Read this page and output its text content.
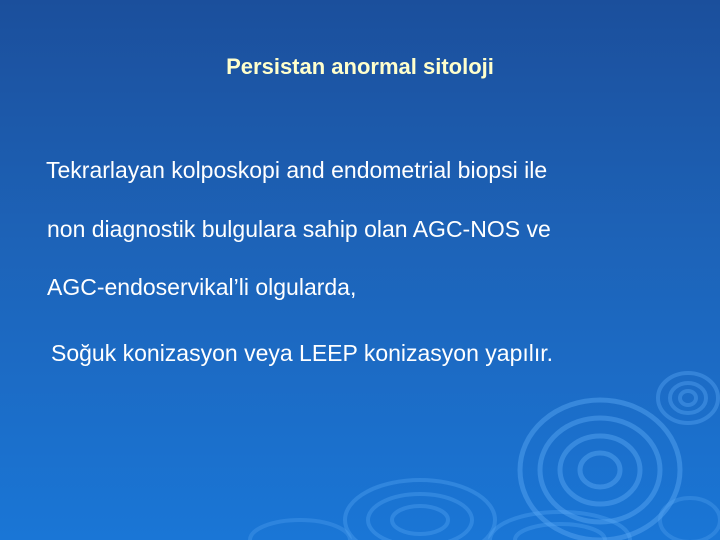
Persistan anormal sitoloji
Tekrarlayan kolposkopi and endometrial biopsi ile
non diagnostik bulgulara sahip olan AGC-NOS ve
AGC-endoservikal’li olgularda,
Soğuk konizasyon veya LEEP konizasyon yapılır.
